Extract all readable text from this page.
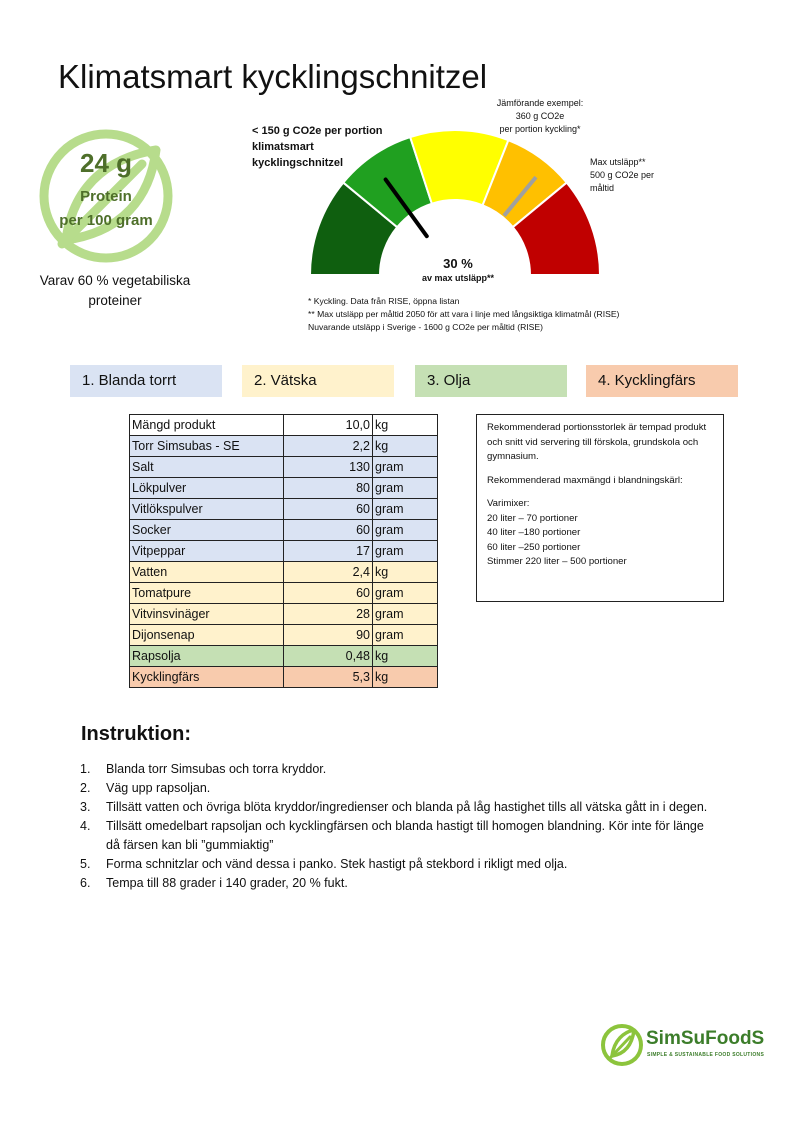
Klimatsmart kycklingschnitzel
24 g
Protein
per 100 gram
Varav 60 % vegetabiliska proteiner
< 150 g CO2e per portion
klimatsmart
kycklingschnitzel
Jämförande exempel:
360 g CO2e
per portion kyckling*
Max utsläpp**
500 g CO2e per
måltid
30 %
av max utsläpp**
* Kyckling. Data från RISE, öppna listan
** Max utsläpp per måltid 2050 för att vara i linje med långsiktiga klimatmål (RISE)
Nuvarande utsläpp i Sverige - 1600 g CO2e per måltid (RISE)
1. Blanda torrt	2. Vätska	3. Olja	4. Kycklingfärs
Mängd produkt	10,0	kg
Torr Simsubas - SE	2,2	kg
Salt	130	gram
Lökpulver	80	gram
Vitlökspulver	60	gram
Socker	60	gram
Vitpeppar	17	gram
Vatten	2,4	kg
Tomatpure	60	gram
Vitvinsvinäger	28	gram
Dijonsenap	90	gram
Rapsolja	0,48	kg
Kycklingfärs	5,3	kg

Rekommenderad portionsstorlek är tempad produkt och snitt vid servering till förskola, grundskola och gymnasium.

Rekommenderad maxmängd i blandningskärl:

Varimixer:
20 liter – 70 portioner
40 liter –180 portioner
60 liter –250 portioner
Stimmer 220 liter – 500 portioner
Instruktion:
1. Blanda torr Simsubas och torra kryddor.
2. Väg upp rapsoljan.
3. Tillsätt vatten och övriga blöta kryddor/ingredienser och blanda på låg hastighet tills all vätska gått in i degen.
4. Tillsätt omedelbart rapsoljan och kycklingfärsen och blanda hastigt till homogen blandning. Kör inte för länge då färsen kan bli ”gummiaktig”
5. Forma schnitzlar och vänd dessa i panko. Stek hastigt på stekbord i rikligt med olja.
6. Tempa till 88 grader i 140 grader, 20 % fukt.
SimSuFoodS
SIMPLE & SUSTAINABLE FOOD SOLUTIONS
